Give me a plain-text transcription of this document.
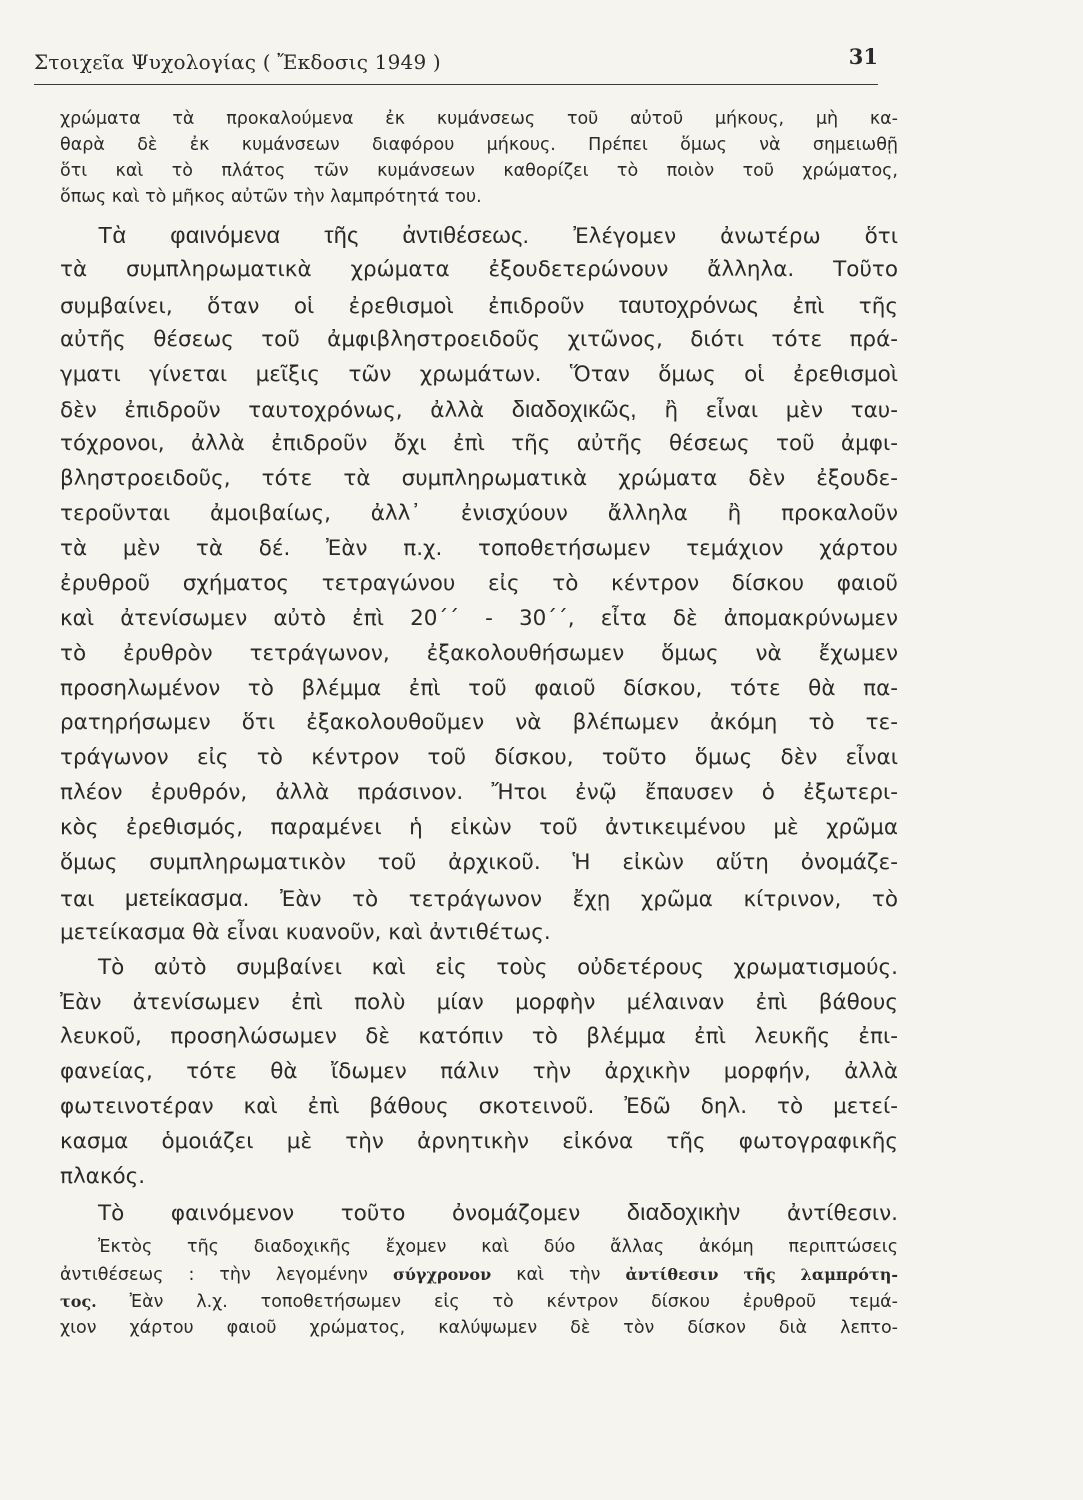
Στοιχεῖα Ψυχολογίας ( Ἔκδοσις 1949 )	31
χρώματα τὰ προκαλούμενα ἐκ κυμάνσεως τοῦ αὐτοῦ μήκους, μὴ κα-
θαρὰ δὲ ἐκ κυμάνσεων διαφόρου μήκους. Πρέπει ὅμως νὰ σημειωθῇ
ὅτι καὶ τὸ πλάτος τῶν κυμάνσεων καθορίζει τὸ ποιὸν τοῦ χρώματος,
ὅπως καὶ τὸ μῆκος αὐτῶν τὴν λαμπρότητά του.
Τὰ φαινόμενα τῆς ἀντιθέσεως. Ἐλέγομεν ἀνωτέρω ὅτι
τὰ συμπληρωματικὰ χρώματα ἐξουδετερώνουν ἄλληλα. Τοῦτο
συμβαίνει, ὅταν οἱ ἐρεθισμοὶ ἐπιδροῦν ταυτοχρόνως ἐπὶ τῆς
αὐτῆς θέσεως τοῦ ἀμφιβληστροειδοῦς χιτῶνος, διότι τότε πρά-
γματι γίνεται μεῖξις τῶν χρωμάτων. Ὅταν ὅμως οἱ ἐρεθισμοὶ
δὲν ἐπιδροῦν ταυτοχρόνως, ἀλλὰ διαδοχικῶς, ἢ εἶναι μὲν ταυ-
τόχρονοι, ἀλλὰ ἐπιδροῦν ὄχι ἐπὶ τῆς αὐτῆς θέσεως τοῦ ἀμφι-
βληστροειδοῦς, τότε τὰ συμπληρωματικὰ χρώματα δὲν ἐξουδε-
τεροῦνται ἀμοιβαίως, ἀλλ᾽ ἐνισχύουν ἄλληλα ἢ προκαλοῦν
τὰ μὲν τὰ δέ. Ἐὰν π.χ. τοποθετήσωμεν τεμάχιον χάρτου
ἐρυθροῦ σχήματος τετραγώνου εἰς τὸ κέντρον δίσκου φαιοῦ
καὶ ἀτενίσωμεν αὐτὸ ἐπὶ 20΄΄ - 30΄΄, εἶτα δὲ ἀπομακρύνωμεν
τὸ ἐρυθρὸν τετράγωνον, ἐξακολουθήσωμεν ὅμως νὰ ἔχωμεν
προσηλωμένον τὸ βλέμμα ἐπὶ τοῦ φαιοῦ δίσκου, τότε θὰ πα-
ρατηρήσωμεν ὅτι ἐξακολουθοῦμεν νὰ βλέπωμεν ἀκόμη τὸ τε-
τράγωνον εἰς τὸ κέντρον τοῦ δίσκου, τοῦτο ὅμως δὲν εἶναι
πλέον ἐρυθρόν, ἀλλὰ πράσινον. Ἤτοι ἐνῷ ἔπαυσεν ὁ ἐξωτερι-
κὸς ἐρεθισμός, παραμένει ἡ εἰκὼν τοῦ ἀντικειμένου μὲ χρῶμα
ὅμως συμπληρωματικὸν τοῦ ἀρχικοῦ. Ἡ εἰκὼν αὕτη ὀνομάζε-
ται μετείκασμα. Ἐὰν τὸ τετράγωνον ἔχῃ χρῶμα κίτρινον, τὸ
μετείκασμα θὰ εἶναι κυανοῦν, καὶ ἀντιθέτως.
Τὸ αὐτὸ συμβαίνει καὶ εἰς τοὺς οὐδετέρους χρωματισμούς.
Ἐὰν ἀτενίσωμεν ἐπὶ πολὺ μίαν μορφὴν μέλαιναν ἐπὶ βάθους
λευκοῦ, προσηλώσωμεν δὲ κατόπιν τὸ βλέμμα ἐπὶ λευκῆς ἐπι-
φανείας, τότε θὰ ἴδωμεν πάλιν τὴν ἀρχικὴν μορφήν, ἀλλὰ
φωτεινοτέραν καὶ ἐπὶ βάθους σκοτεινοῦ. Ἐδῶ δηλ. τὸ μετεί-
κασμα ὁμοιάζει μὲ τὴν ἀρνητικὴν εἰκόνα τῆς φωτογραφικῆς
πλακός.
Τὸ φαινόμενον τοῦτο ὀνομάζομεν διαδοχικὴν ἀντίθεσιν.
Ἐκτὸς τῆς διαδοχικῆς ἔχομεν καὶ δύο ἄλλας ἀκόμη περιπτώσεις
ἀντιθέσεως : τὴν λεγομένην σύγχρονον καὶ τὴν ἀντίθεσιν τῆς λαμπρότη-
τος. Ἐὰν λ.χ. τοποθετήσωμεν εἰς τὸ κέντρον δίσκου ἐρυθροῦ τεμά-
χιον χάρτου φαιοῦ χρώματος, καλύψωμεν δὲ τὸν δίσκον διὰ λεπτο-
